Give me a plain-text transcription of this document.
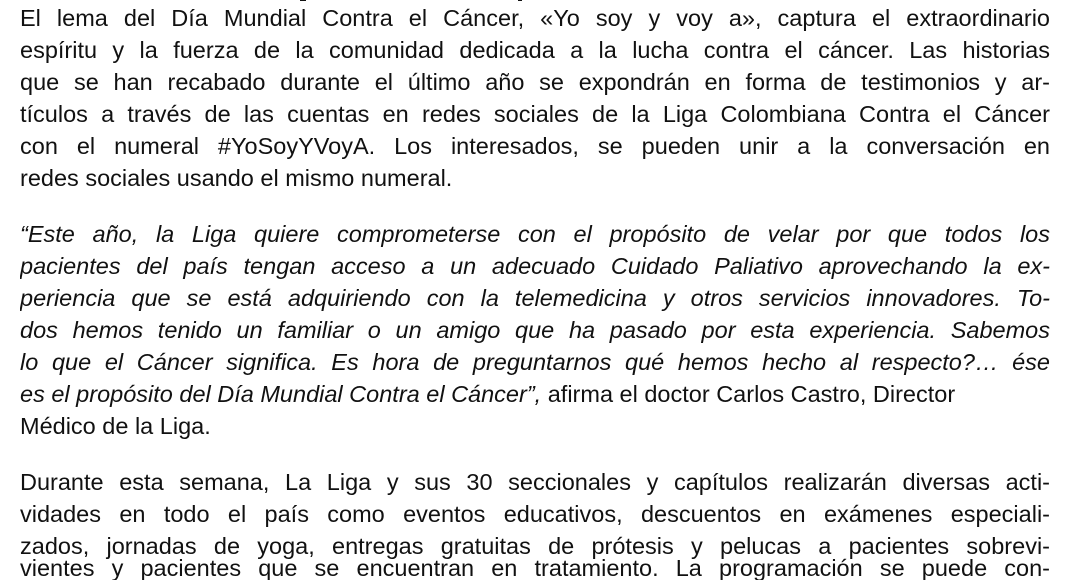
El lema del Día Mundial Contra el Cáncer, «Yo soy y voy a», captura el extraordinario
espíritu y la fuerza de la comunidad dedicada a la lucha contra el cáncer. Las historias
que se han recabado durante el último año se expondrán en forma de testimonios y ar-
tículos a través de las cuentas en redes sociales de la Liga Colombiana Contra el Cáncer
con el numeral #YoSoyYVoyA. Los interesados, se pueden unir a la conversación en
redes sociales usando el mismo numeral.
“Este año, la Liga quiere comprometerse con el propósito de velar por que todos los
pacientes del país tengan acceso a un adecuado Cuidado Paliativo aprovechando la ex-
periencia que se está adquiriendo con la telemedicina y otros servicios innovadores. To-
dos hemos tenido un familiar o un amigo que ha pasado por esta experiencia. Sabemos
lo que el Cáncer significa. Es hora de preguntarnos qué hemos hecho al respecto?… ése
es el propósito del Día Mundial Contra el Cáncer”, afirma el doctor Carlos Castro, Director
Médico de la Liga.
Durante esta semana, La Liga y sus 30 seccionales y capítulos realizarán diversas acti-
vidades en todo el país como eventos educativos, descuentos en exámenes especiali-
zados, jornadas de yoga, entregas gratuitas de prótesis y pelucas a pacientes sobrevi-
vientes y pacientes que se encuentran en tratamiento. La programación se puede con-
